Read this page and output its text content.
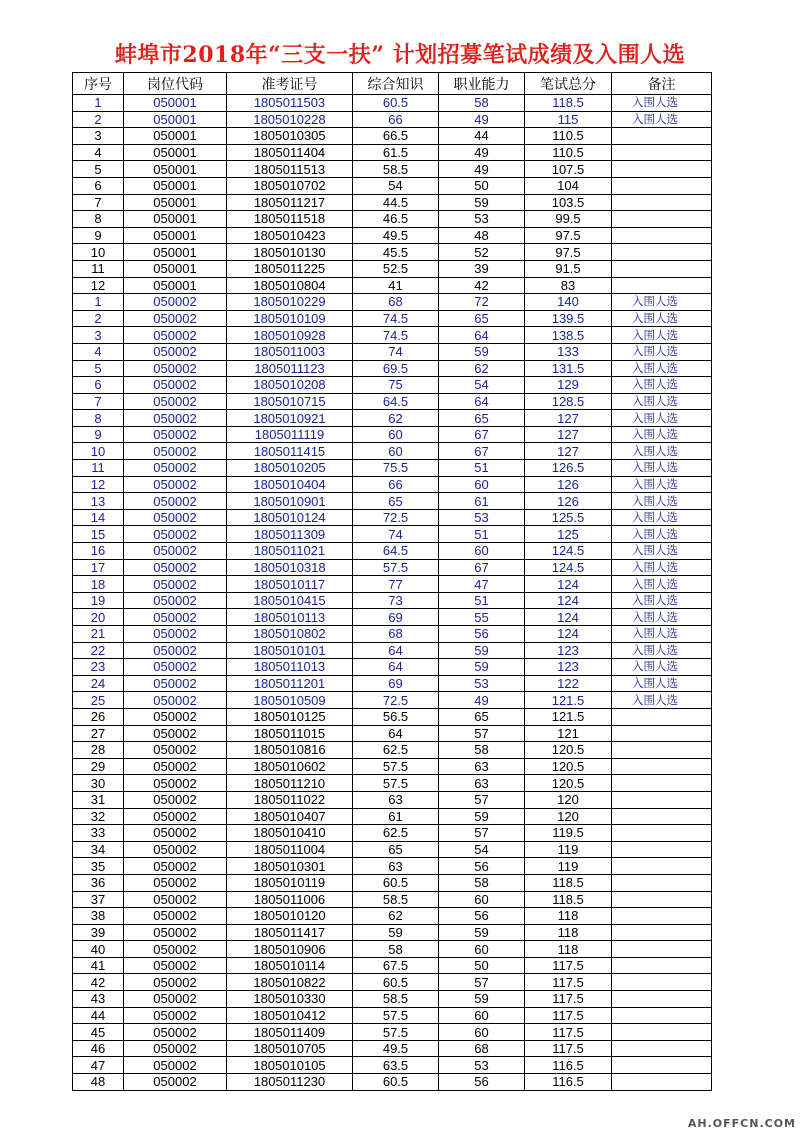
蚌埠市2018年“三支一扶” 计划招募笔试成绩及入围人选
序号	岗位代码	准考证号	综合知识	职业能力	笔试总分	备注
1	050001	1805011503	60.5	58	118.5	入围人选
2	050001	1805010228	66	49	115	入围人选
3	050001	1805010305	66.5	44	110.5	
4	050001	1805011404	61.5	49	110.5	
5	050001	1805011513	58.5	49	107.5	
6	050001	1805010702	54	50	104	
7	050001	1805011217	44.5	59	103.5	
8	050001	1805011518	46.5	53	99.5	
9	050001	1805010423	49.5	48	97.5	
10	050001	1805010130	45.5	52	97.5	
11	050001	1805011225	52.5	39	91.5	
12	050001	1805010804	41	42	83	
1	050002	1805010229	68	72	140	入围人选
2	050002	1805010109	74.5	65	139.5	入围人选
3	050002	1805010928	74.5	64	138.5	入围人选
4	050002	1805011003	74	59	133	入围人选
5	050002	1805011123	69.5	62	131.5	入围人选
6	050002	1805010208	75	54	129	入围人选
7	050002	1805010715	64.5	64	128.5	入围人选
8	050002	1805010921	62	65	127	入围人选
9	050002	1805011119	60	67	127	入围人选
10	050002	1805011415	60	67	127	入围人选
11	050002	1805010205	75.5	51	126.5	入围人选
12	050002	1805010404	66	60	126	入围人选
13	050002	1805010901	65	61	126	入围人选
14	050002	1805010124	72.5	53	125.5	入围人选
15	050002	1805011309	74	51	125	入围人选
16	050002	1805011021	64.5	60	124.5	入围人选
17	050002	1805010318	57.5	67	124.5	入围人选
18	050002	1805010117	77	47	124	入围人选
19	050002	1805010415	73	51	124	入围人选
20	050002	1805010113	69	55	124	入围人选
21	050002	1805010802	68	56	124	入围人选
22	050002	1805010101	64	59	123	入围人选
23	050002	1805011013	64	59	123	入围人选
24	050002	1805011201	69	53	122	入围人选
25	050002	1805010509	72.5	49	121.5	入围人选
26	050002	1805010125	56.5	65	121.5	
27	050002	1805011015	64	57	121	
28	050002	1805010816	62.5	58	120.5	
29	050002	1805010602	57.5	63	120.5	
30	050002	1805011210	57.5	63	120.5	
31	050002	1805011022	63	57	120	
32	050002	1805010407	61	59	120	
33	050002	1805010410	62.5	57	119.5	
34	050002	1805011004	65	54	119	
35	050002	1805010301	63	56	119	
36	050002	1805010119	60.5	58	118.5	
37	050002	1805011006	58.5	60	118.5	
38	050002	1805010120	62	56	118	
39	050002	1805011417	59	59	118	
40	050002	1805010906	58	60	118	
41	050002	1805010114	67.5	50	117.5	
42	050002	1805010822	60.5	57	117.5	
43	050002	1805010330	58.5	59	117.5	
44	050002	1805010412	57.5	60	117.5	
45	050002	1805011409	57.5	60	117.5	
46	050002	1805010705	49.5	68	117.5	
47	050002	1805010105	63.5	53	116.5	
48	050002	1805011230	60.5	56	116.5	
AH.OFFCN.COM
